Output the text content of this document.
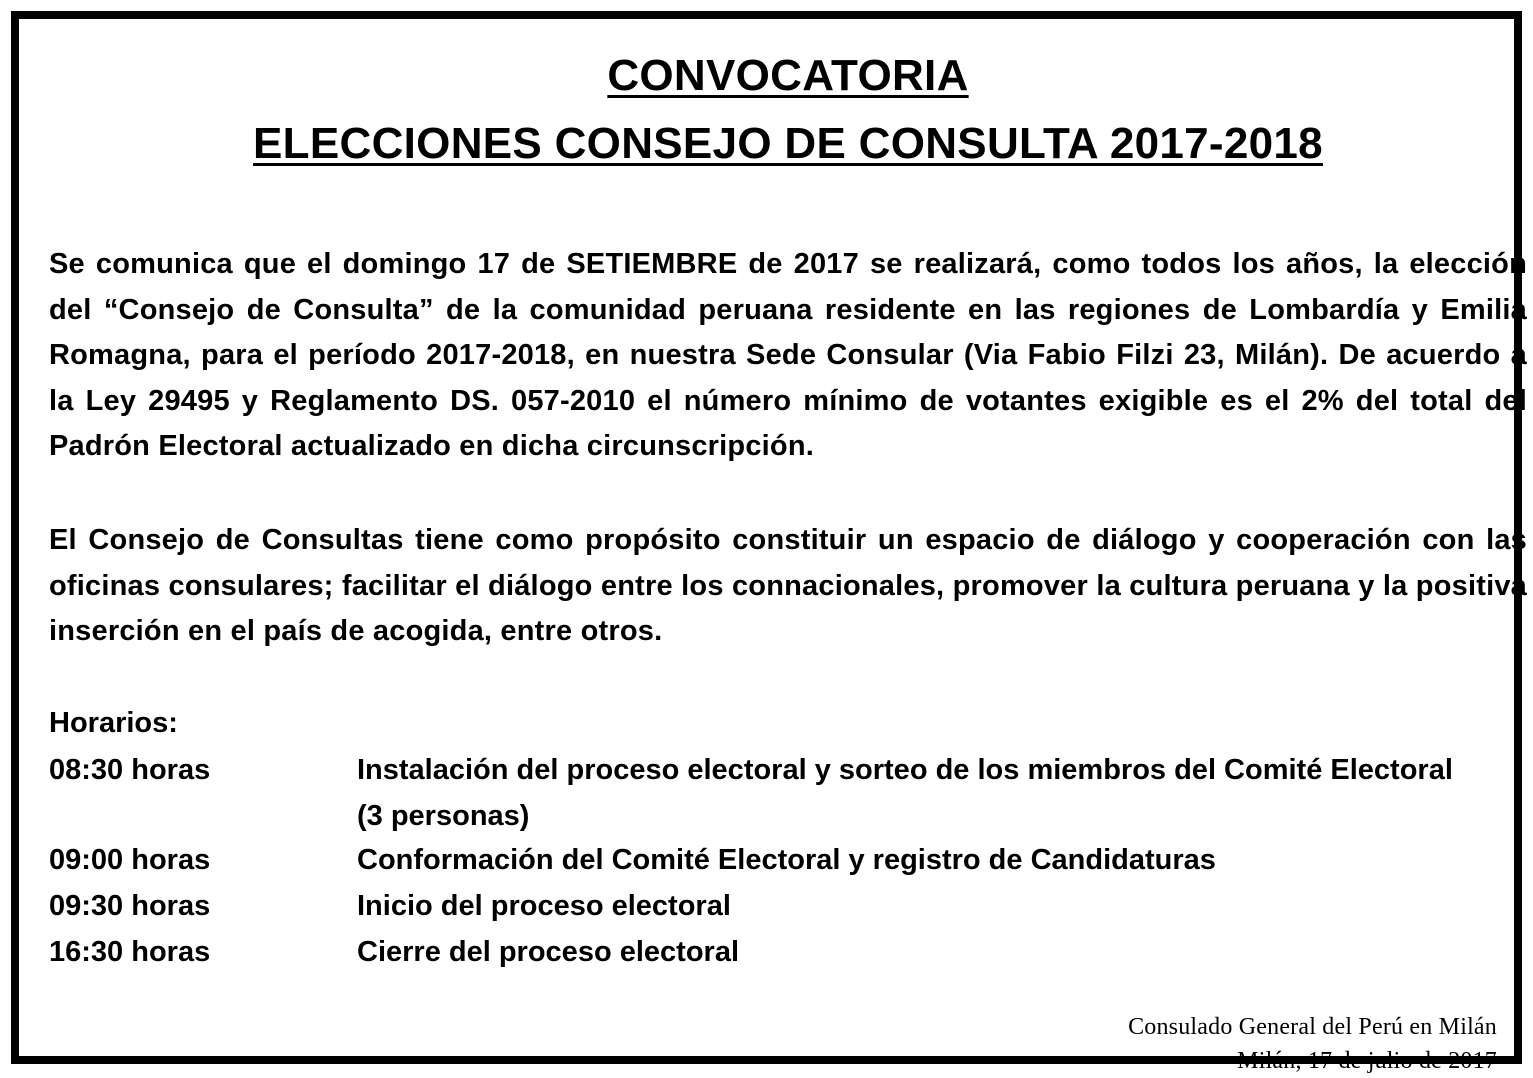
CONVOCATORIA
ELECCIONES CONSEJO DE CONSULTA 2017-2018
Se comunica que el domingo 17 de SETIEMBRE de 2017 se realizará, como todos los años, la elección del “Consejo de Consulta” de la comunidad peruana residente en las regiones de Lombardía y Emilia Romagna, para el período 2017-2018, en nuestra Sede Consular (Via Fabio Filzi 23, Milán). De acuerdo a la Ley 29495 y Reglamento DS. 057-2010 el número mínimo de votantes exigible es el 2% del total del Padrón Electoral actualizado en dicha circunscripción.
El Consejo de Consultas tiene como propósito constituir un espacio de diálogo y cooperación con las oficinas consulares; facilitar el diálogo entre los connacionales, promover la cultura peruana y la positiva inserción en el país de acogida, entre otros.
Horarios:
08:30 horas	Instalación del proceso electoral y sorteo de los miembros del Comité Electoral (3 personas)
09:00 horas	Conformación del Comité Electoral y registro de Candidaturas
09:30 horas	Inicio del proceso electoral
16:30 horas	Cierre del proceso electoral
Consulado General del Perú en Milán
Milán, 17 de julio de 2017
